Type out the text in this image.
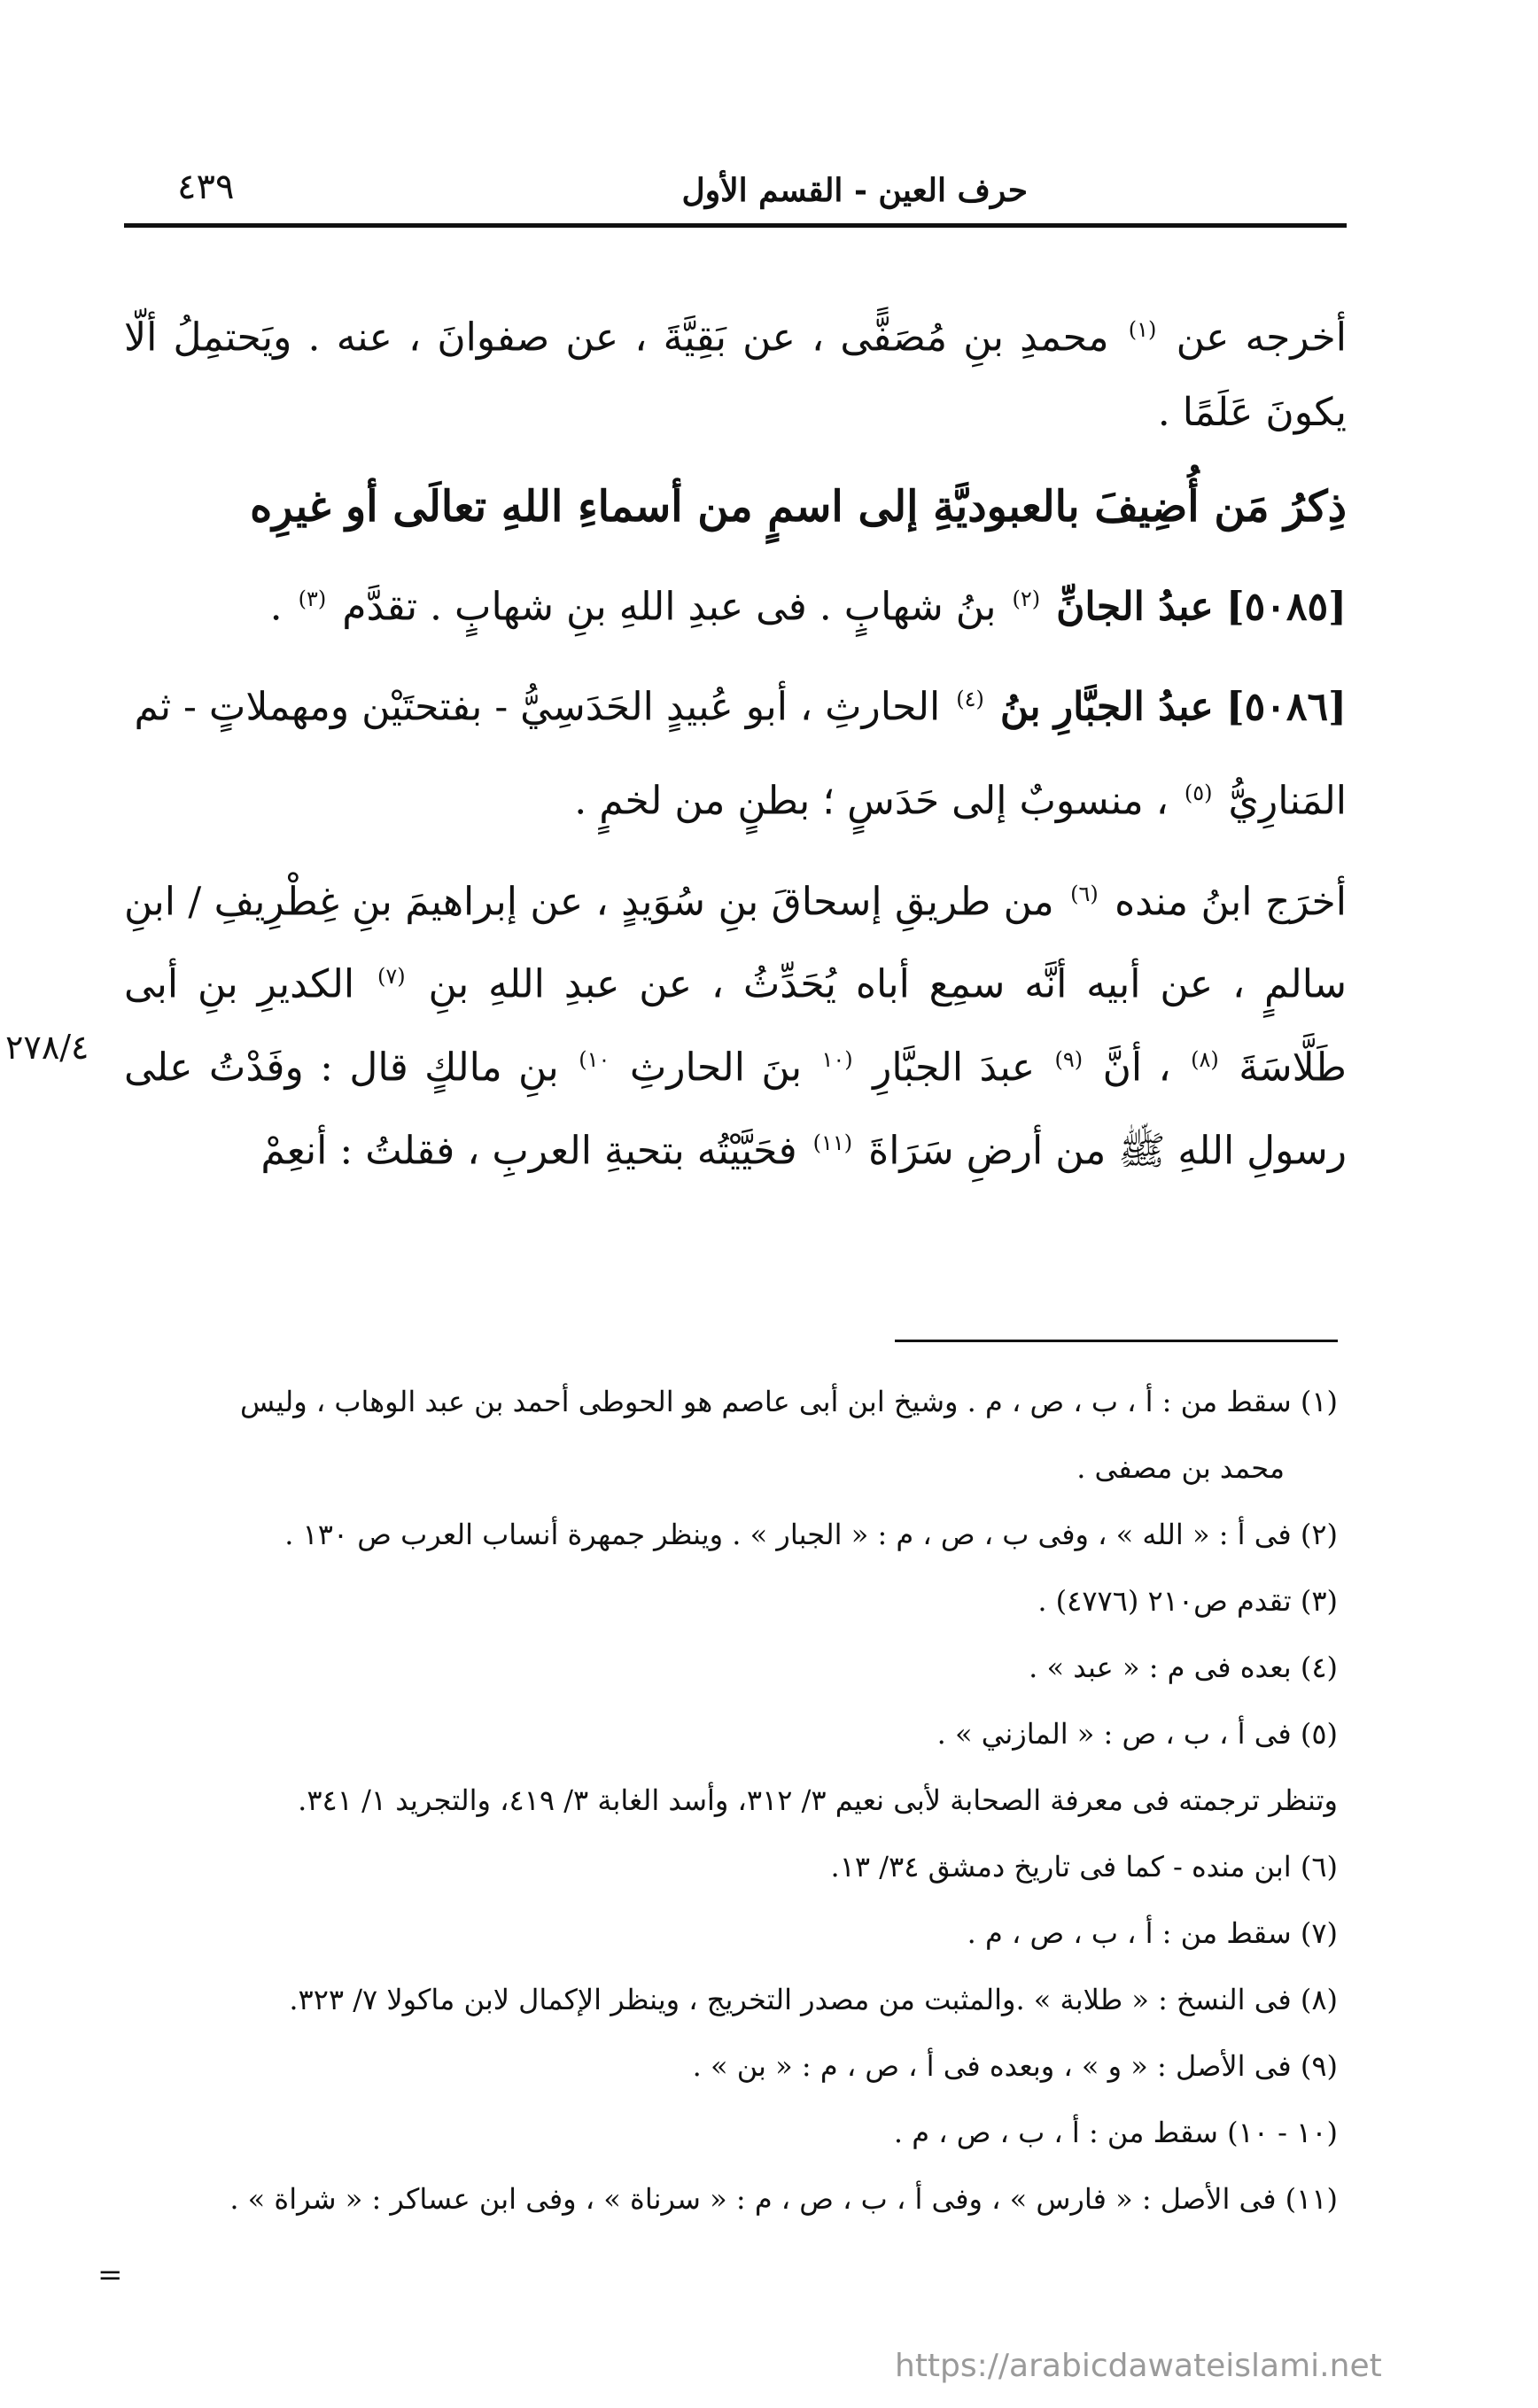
حرف العين - القسم الأول
٤٣٩

أخرجه عن $^{(١)}$ محمدِ بنِ مُصَفًّى ، عن بَقِيَّةَ ، عن صفوانَ ، عنه . ويَحتمِلُ ألّا يكونَ عَلَمًا .

ذِكرُ مَن أُضِيفَ بالعبوديَّةِ إلى اسمٍ من أسماءِ اللهِ تعالَى أو غيرِه
[٥٠٨٥] عبدُ الجانِّ $^{(٢)}$ بنُ شهابٍ . فى عبدِ اللهِ بنِ شهابٍ . تقدَّم $^{(٣)}$ .
[٥٠٨٦] عبدُ الجبَّارِ بنُ $^{(٤)}$ الحارثِ ، أبو عُبيدٍ الحَدَسِيُّ - بفتحتَيْن ومهملاتٍ - ثم المَنارِيُّ $^{(٥)}$ ، منسوبٌ إلى حَدَسٍ ؛ بطنٍ من لخمٍ .

أخرَج ابنُ منده $^{(٦)}$ من طريقِ إسحاقَ بنِ سُوَيدٍ ، عن إبراهيمَ بنِ غِطْرِيفِ / ابنِ سالمٍ ، عن أبيه أنَّه سمِع أباه يُحَدِّثُ ، عن عبدِ اللهِ بنِ $^{(٧)}$ الكديرِ بنِ أبى طَلَّاسَةَ $^{(٨)}$ ، أنَّ $^{(٩)}$ عبدَ الجبَّارِ $^{(١٠}$ بنَ الحارثِ $^{١٠)}$ بنِ مالكٍ قال : وفَدْتُ على رسولِ اللهِ ﷺ من أرضِ سَرَاةَ $^{(١١)}$ فحَيَّيْتُه بتحيةِ العربِ ، فقلتُ : أنعِمْ

٢٧٨/٤

(١) سقط من : أ ، ب ، ص ، م . وشيخ ابن أبى عاصم هو الحوطى أحمد بن عبد الوهاب ، وليس

محمد بن مصفى .

(٢) فى أ : « الله » ، وفى ب ، ص ، م : « الجبار » . وينظر جمهرة أنساب العرب ص ١٣٠ .

(٣) تقدم ص٢١٠ (٤٧٧٦) .

(٤) بعده فى م : « عبد » .

(٥) فى أ ، ب ، ص : « المازني » .

وتنظر ترجمته فى معرفة الصحابة لأبى نعيم ٣/ ٣١٢، وأسد الغابة ٣/ ٤١٩، والتجريد ١/ ٣٤١.

(٦) ابن منده - كما فى تاريخ دمشق ٣٤/ ١٣.

(٧) سقط من : أ ، ب ، ص ، م .

(٨) فى النسخ : « طلابة » .والمثبت من مصدر التخريج ، وينظر الإكمال لابن ماكولا ٧/ ٣٢٣.

(٩) فى الأصل : « و » ، وبعده فى أ ، ص ، م : « بن » .

(١٠ - ١٠) سقط من : أ ، ب ، ص ، م .

(١١) فى الأصل : « فارس » ، وفى أ ، ب ، ص ، م : « سرناة » ، وفى ابن عساكر : « شراة » .

=
https://arabicdawateislami.net
